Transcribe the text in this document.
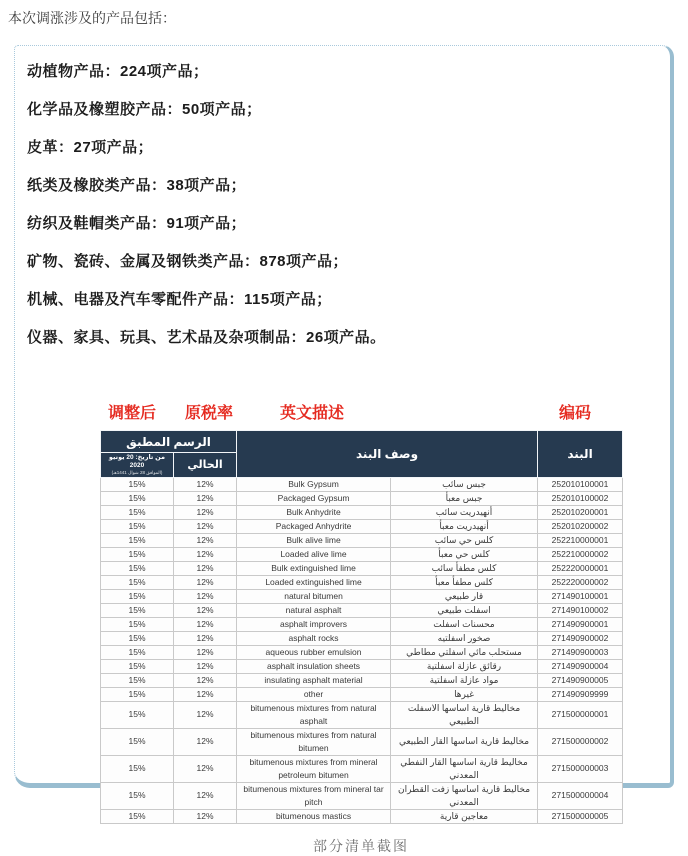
本次调涨涉及的产品包括：

动植物产品：224项产品；
化学品及橡塑胶产品：50项产品；
皮革：27项产品；
纸类及橡胶类产品：38项产品；
纺织及鞋帽类产品：91项产品；
矿物、瓷砖、金属及钢铁类产品：878项产品；
机械、电器及汽车零配件产品：115项产品；
仪器、家具、玩具、艺术品及杂项制品：26项产品。
调整后 原税率	英文描述	编码
الرسم المطبق		وصف البند		البند
من تاريخ: 20 يونيو 2020
(الموافق 28 شوال 1441هـ)	الحالي			
15%	12%	Bulk Gypsum	جبس سائب	252010100001
15%	12%	Packaged Gypsum	جبس معبأ	252010100002
15%	12%	Bulk Anhydrite	أنهيدريت سائب	252010200001
15%	12%	Packaged Anhydrite	أنهيدريت معبأ	252010200002
15%	12%	Bulk alive lime	كلس حي سائب	252210000001
15%	12%	Loaded alive lime	كلس حي معبأ	252210000002
15%	12%	Bulk extinguished lime	كلس مطفأ سائب	252220000001
15%	12%	Loaded extinguished lime	كلس مطفأ معبأ	252220000002
15%	12%	natural bitumen	قار طبيعي	271490100001
15%	12%	natural asphalt	اسفلت طبيعي	271490100002
15%	12%	asphalt improvers	محسنات اسفلت	271490900001
15%	12%	asphalt rocks	صخور اسفلتيه	271490900002
15%	12%	aqueous rubber emulsion	مستحلب مائي اسفلتي مطاطي	271490900003
15%	12%	asphalt insulation sheets	رقائق عازلة اسفلتية	271490900004
15%	12%	insulating asphalt material	مواد عازلة اسفلتية	271490900005
15%	12%	other	غيرها	271490909999
15%	12%	bitumenous mixtures from natural asphalt	مخاليط قارية اساسها الاسفلت الطبيعي	271500000001
15%	12%	bitumenous mixtures from natural bitumen	مخاليط قارية اساسها القار الطبيعي	271500000002
15%	12%	bitumenous mixtures from mineral petroleum bitumen	مخاليط قارية اساسها القار النفطي المعدني	271500000003
15%	12%	bitumenous mixtures from mineral tar pitch	مخاليط قارية اساسها زفت القطران المعدني	271500000004
15%	12%	bitumenous mastics	معاجين قارية	271500000005
部分清单截图
